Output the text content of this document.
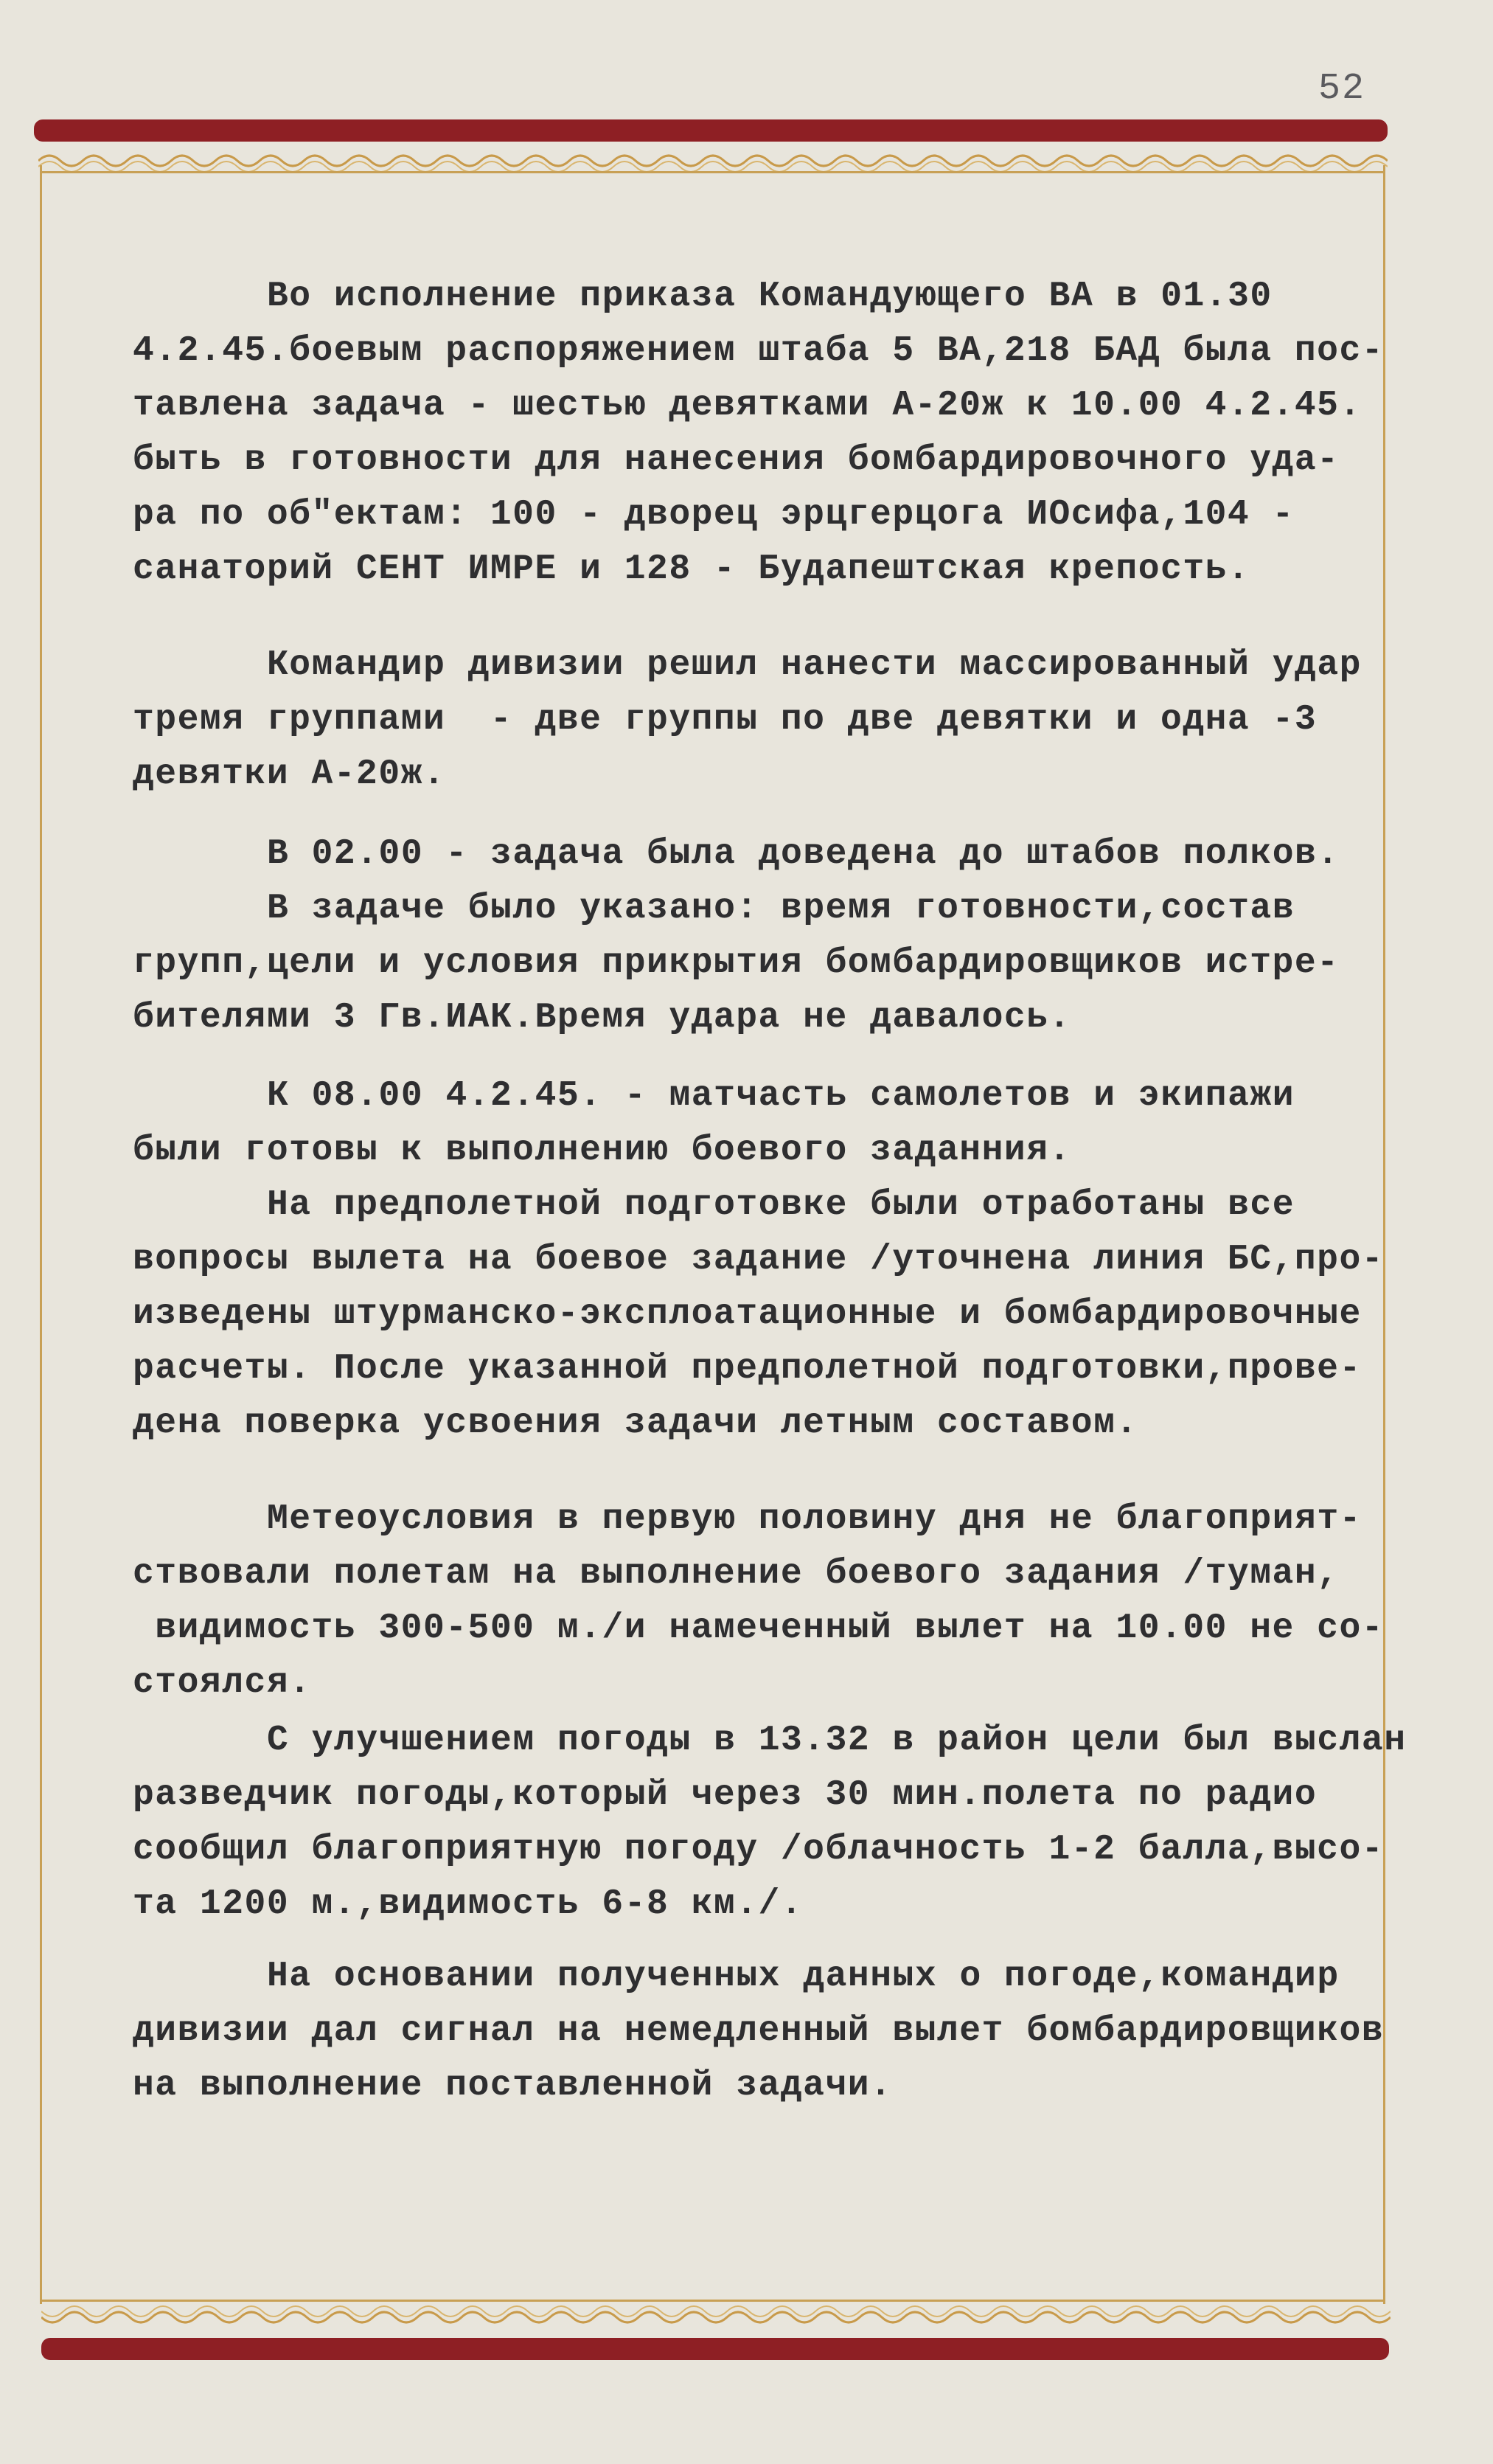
52
Во исполнение приказа Командующего ВА в 01.30
4.2.45.боевым распоряжением штаба 5 ВА,218 БАД была пос-
тавлена задача - шестью девятками А-20ж к 10.00 4.2.45.
быть в готовности для нанесения бомбардировочного уда-
ра по об"ектам: 100 - дворец эрцгерцога ИОсифа,104 -
санаторий СЕНТ ИМРЕ и 128 - Будапештская крепость.
Командир дивизии решил нанести массированный удар
тремя группами  - две группы по две девятки и одна -3
девятки А-20ж.
В 02.00 - задача была доведена до штабов полков.
В задаче было указано: время готовности,состав
групп,цели и условия прикрытия бомбардировщиков истре-
бителями 3 Гв.ИАК.Время удара не давалось.
К 08.00 4.2.45. - матчасть самолетов и экипажи
были готовы к выполнению боевого заданния.
На предполетной подготовке были отработаны все
вопросы вылета на боевое задание /уточнена линия БС,про-
изведены штурманско-эксплоатационные и бомбардировочные
расчеты. После указанной предполетной подготовки,прове-
дена поверка усвоения задачи летным составом.
Метеоусловия в первую половину дня не благоприят-
ствовали полетам на выполнение боевого задания /туман,
видимость 300-500 м./и намеченный вылет на 10.00 не со-
стоялся.
С улучшением погоды в 13.32 в район цели был выслан
разведчик погоды,который через 30 мин.полета по радио
сообщил благоприятную погоду /облачность 1-2 балла,высо-
та 1200 м.,видимость 6-8 км./.
На основании полученных данных о погоде,командир
дивизии дал сигнал на немедленный вылет бомбардировщиков
на выполнение поставленной задачи.
